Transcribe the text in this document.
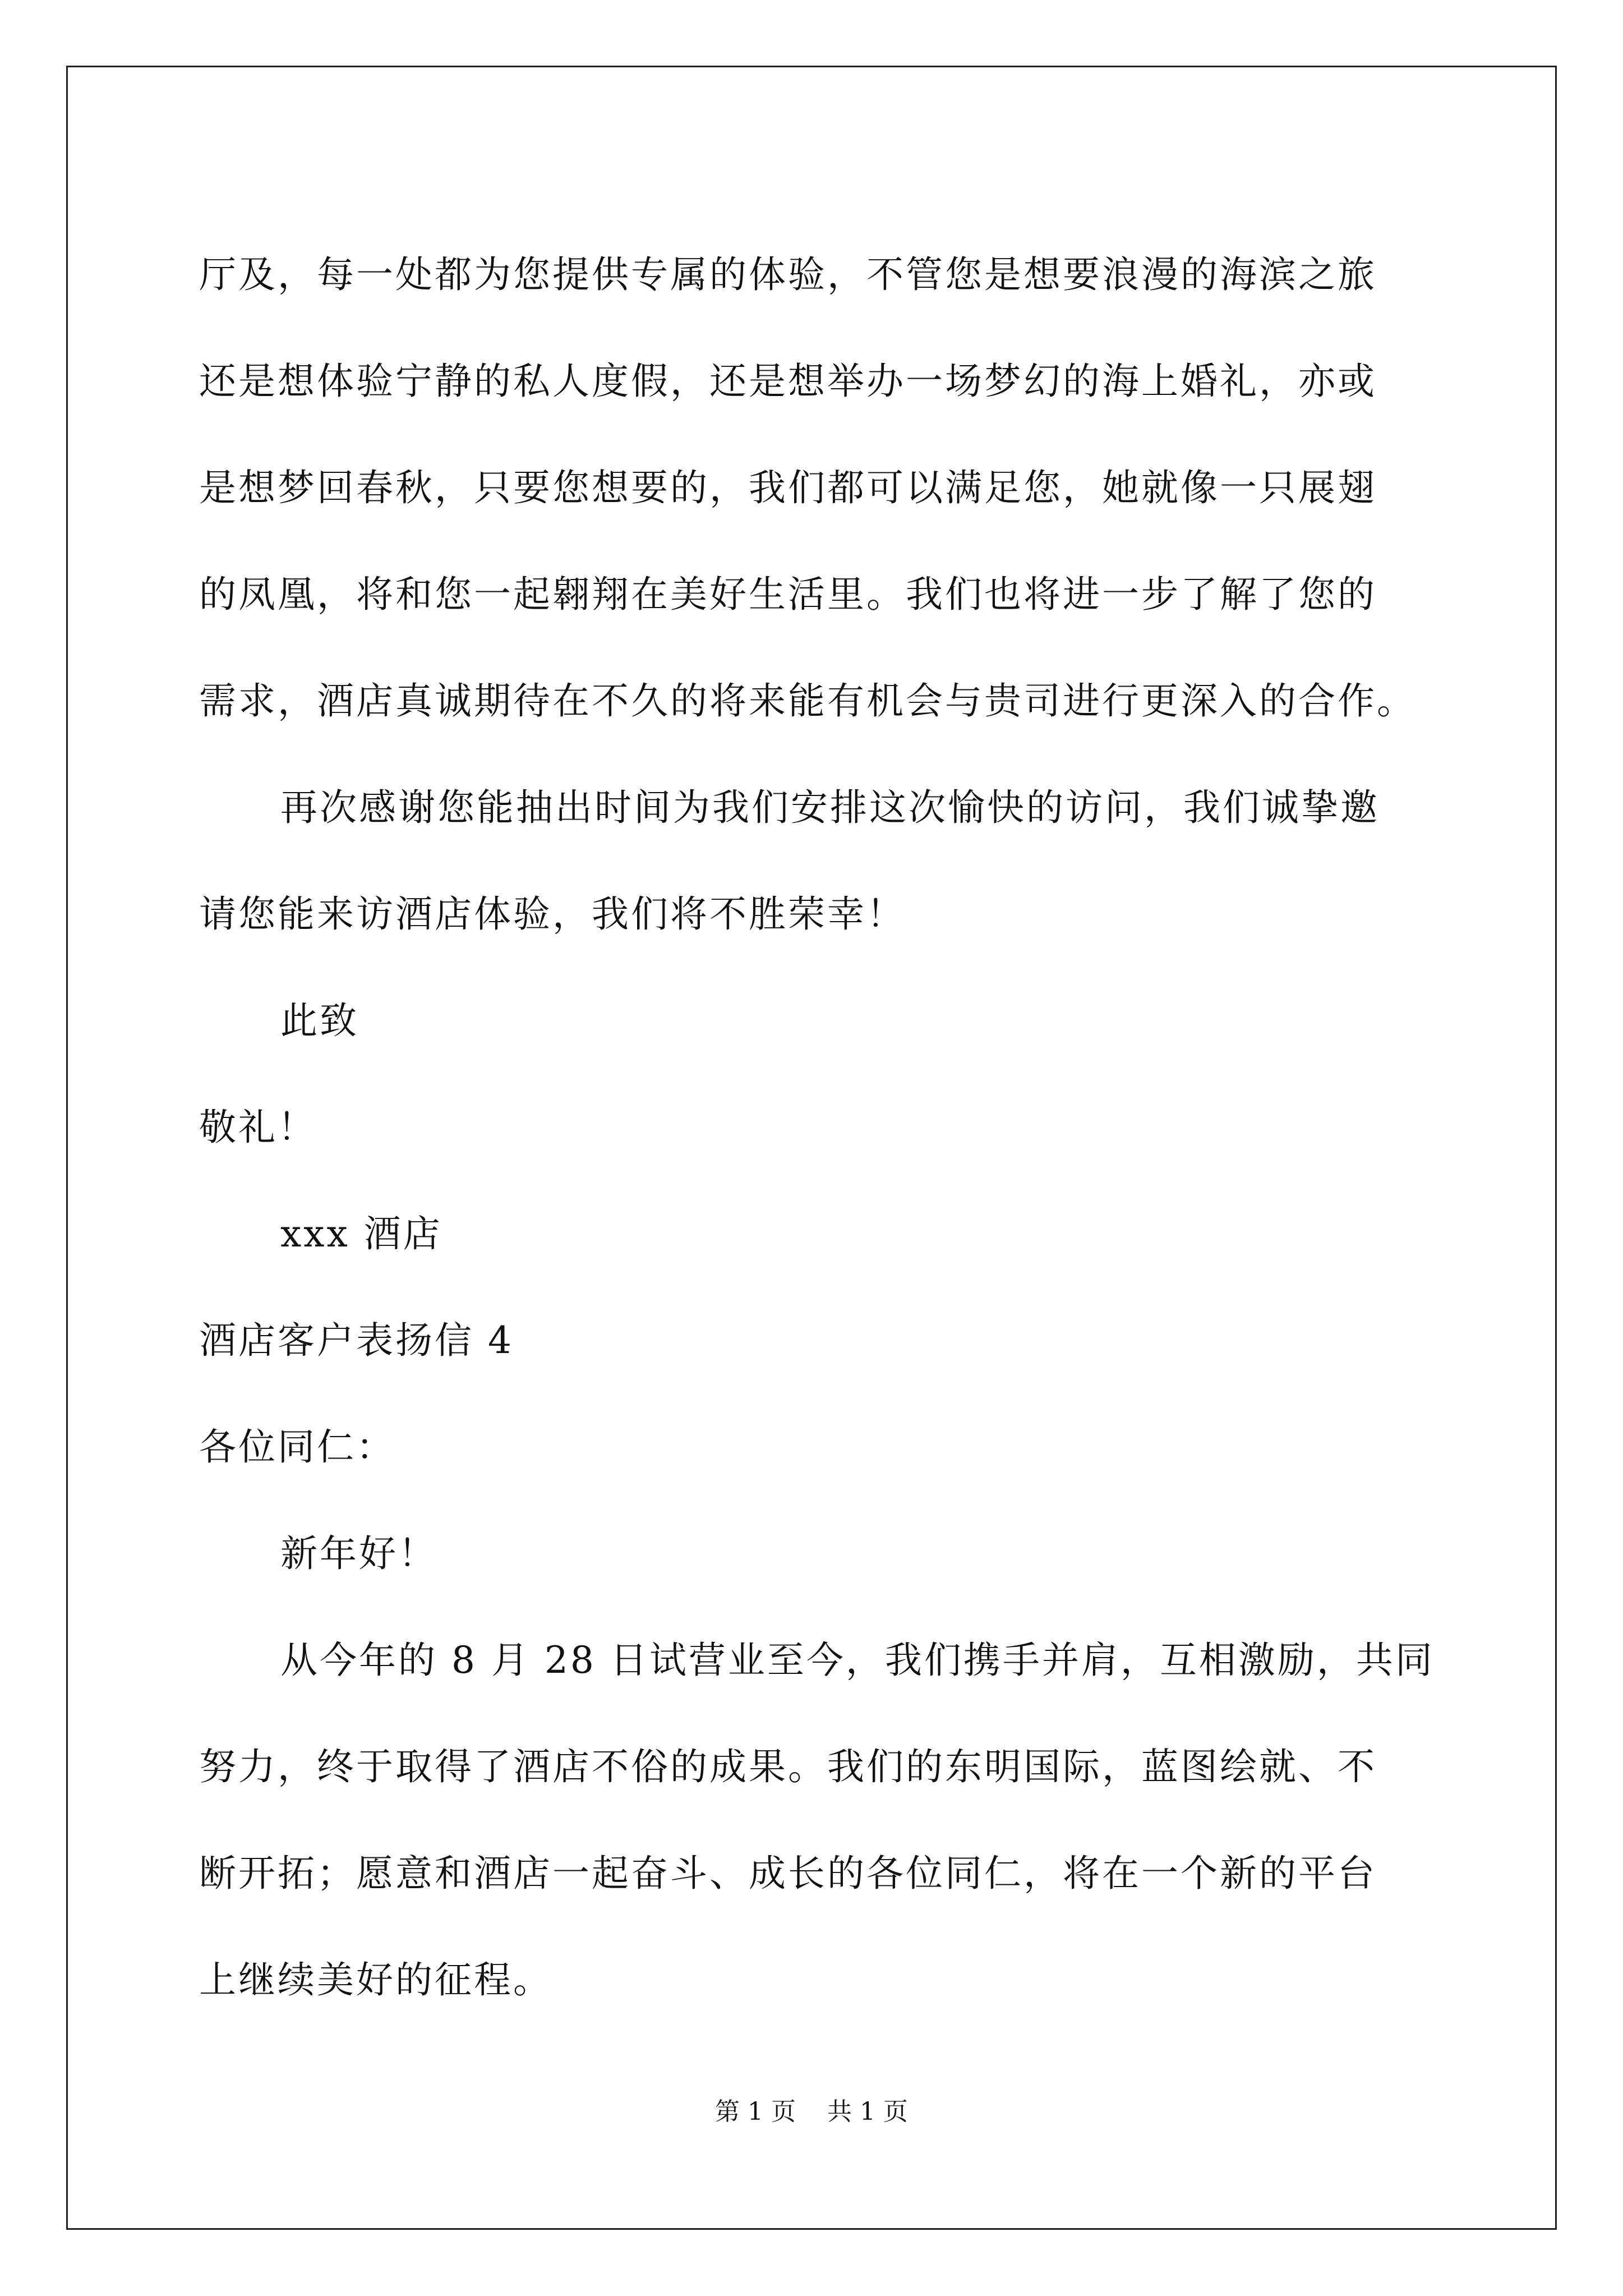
厅及，每一处都为您提供专属的体验，不管您是想要浪漫的海滨之旅
还是想体验宁静的私人度假，还是想举办一场梦幻的海上婚礼，亦或
是想梦回春秋，只要您想要的，我们都可以满足您，她就像一只展翅
的凤凰，将和您一起翱翔在美好生活里。我们也将进一步了解了您的
需求，酒店真诚期待在不久的将来能有机会与贵司进行更深入的合作。
再次感谢您能抽出时间为我们安排这次愉快的访问，我们诚挚邀
请您能来访酒店体验，我们将不胜荣幸！
此致
敬礼！
xxx 酒店
酒店客户表扬信 4
各位同仁：
新年好！
从今年的 8 月 28 日试营业至今，我们携手并肩，互相激励，共同
努力，终于取得了酒店不俗的成果。我们的东明国际，蓝图绘就、不
断开拓；愿意和酒店一起奋斗、成长的各位同仁，将在一个新的平台
上继续美好的征程。
第 1 页    共 1 页
